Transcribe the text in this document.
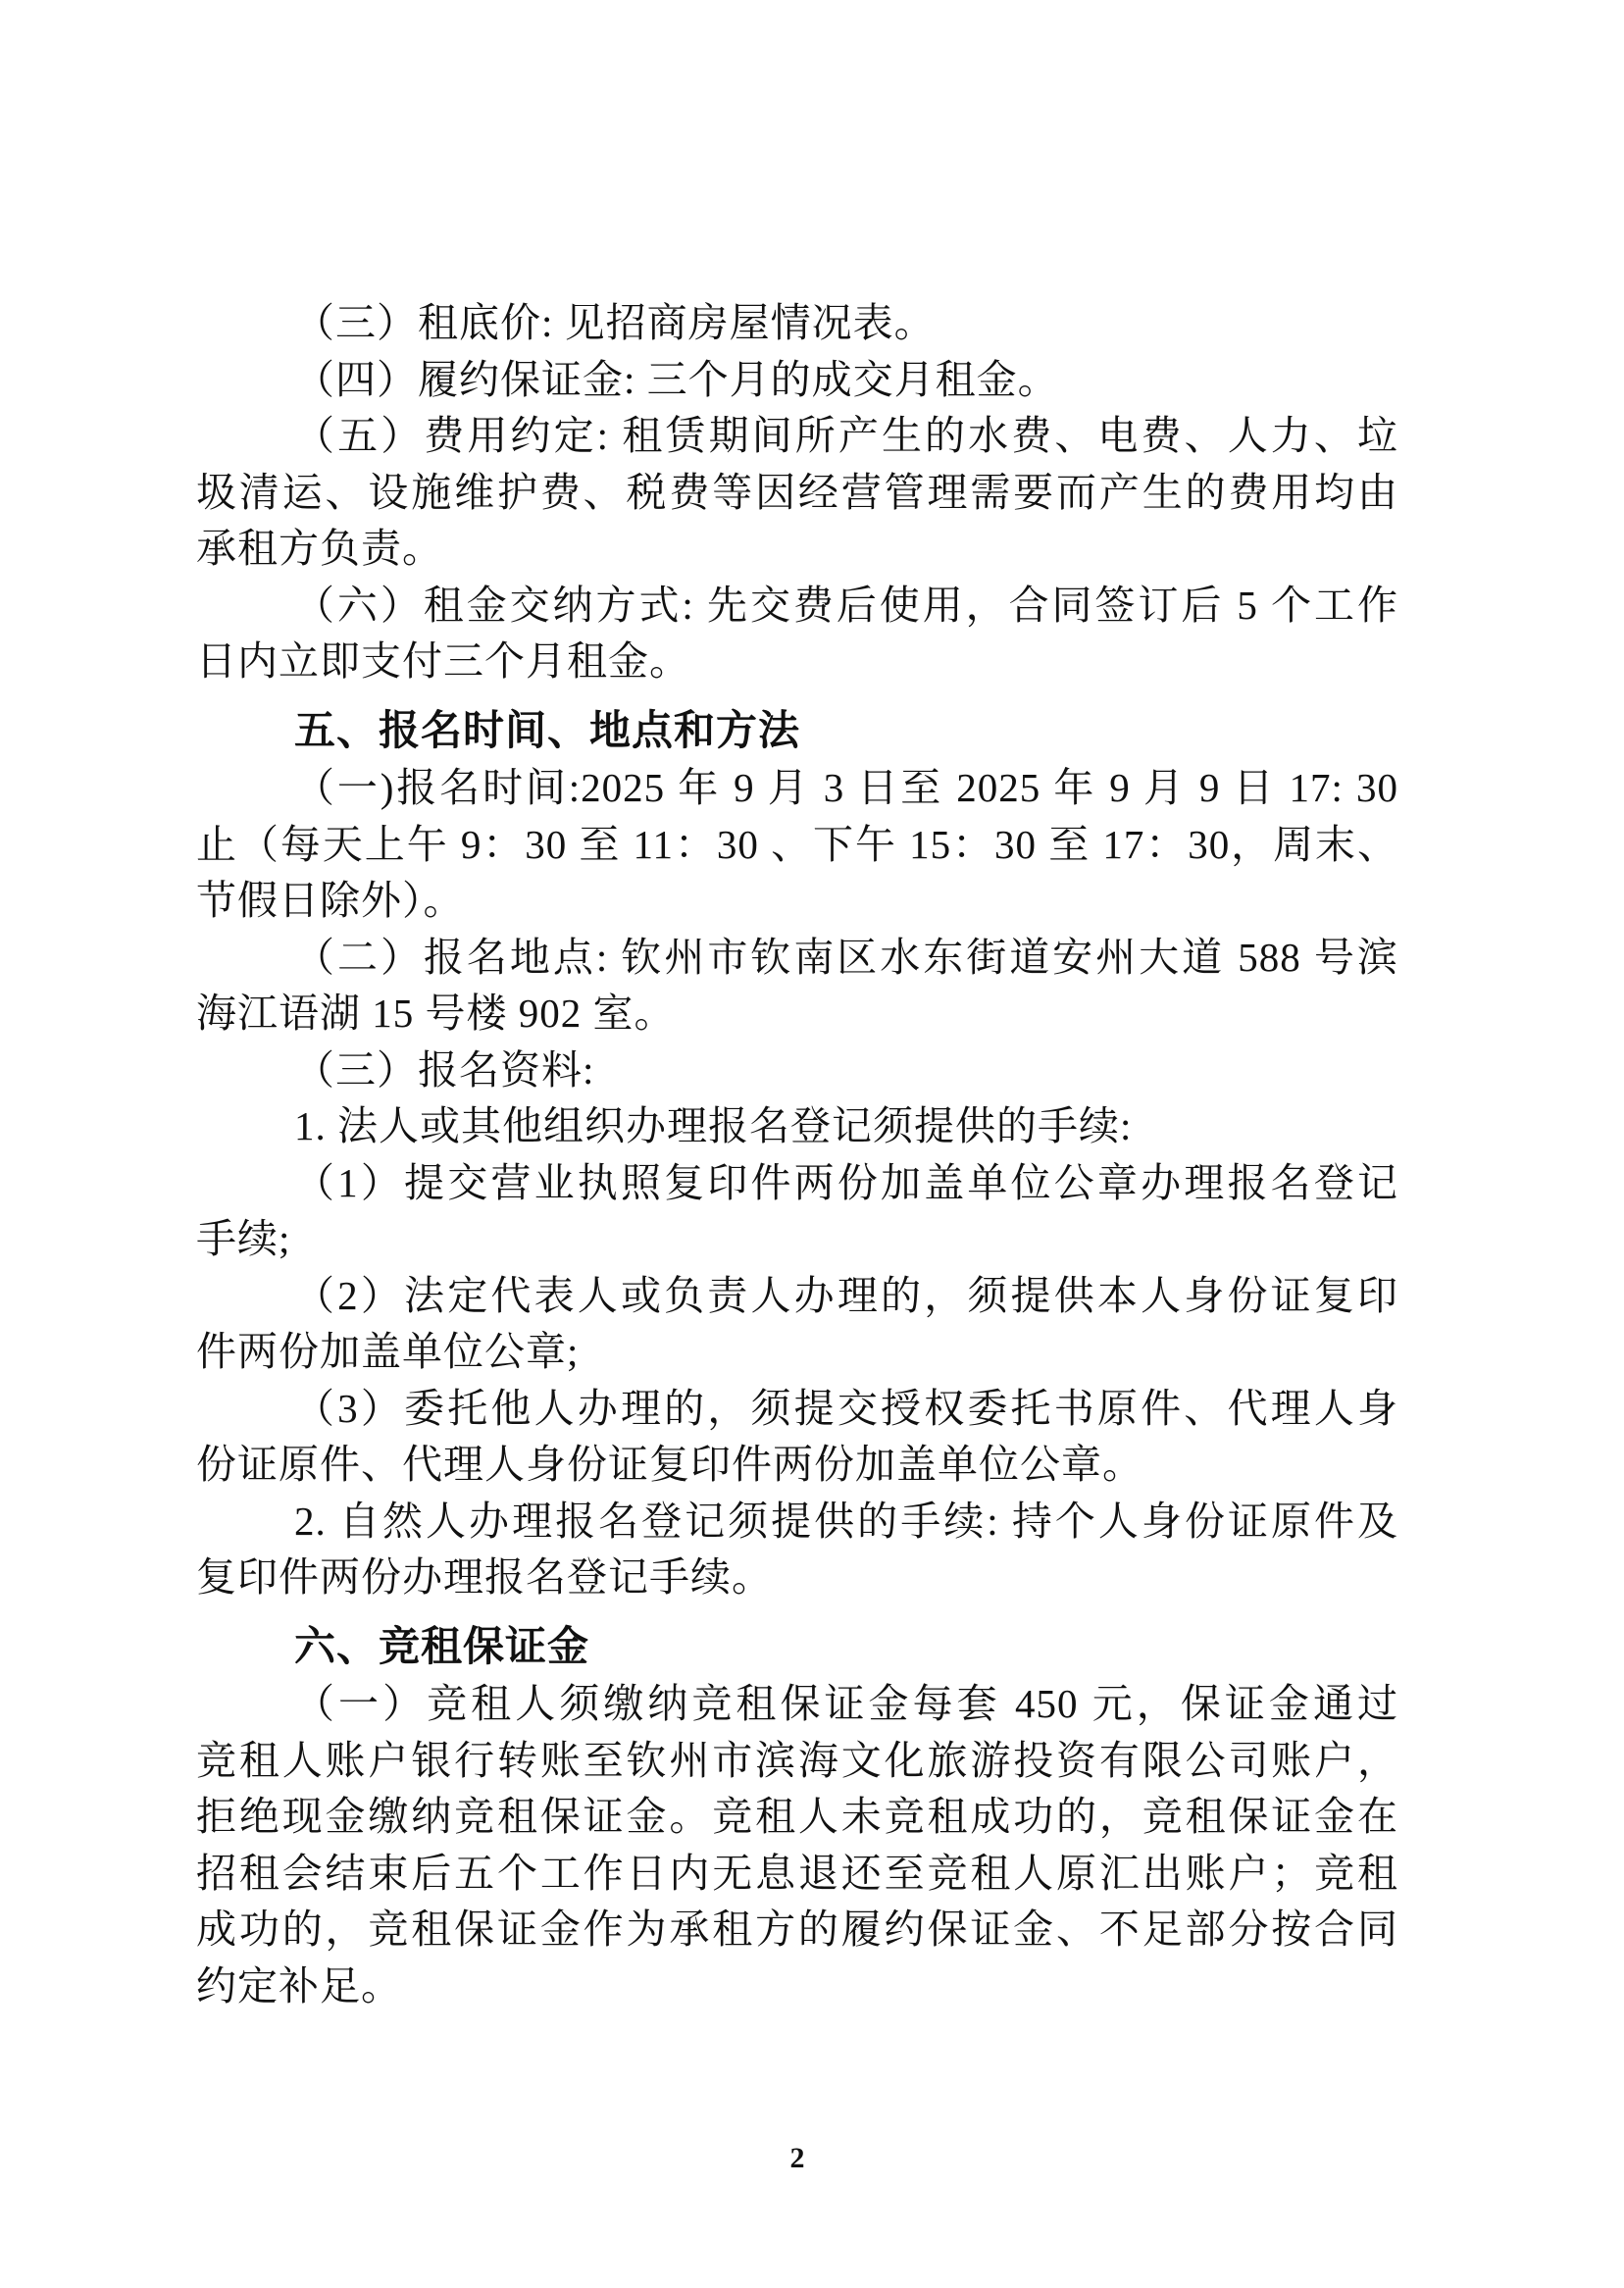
（三）租底价: 见招商房屋情况表。
（四）履约保证金: 三个月的成交月租金。
（五）费用约定: 租赁期间所产生的水费、电费、人力、垃
圾清运、设施维护费、税费等因经营管理需要而产生的费用均由
承租方负责。
（六）租金交纳方式: 先交费后使用，合同签订后 5 个工作
日内立即支付三个月租金。
五、报名时间、地点和方法
（一)报名时间:2025 年 9 月 3 日至 2025 年 9 月 9 日 17: 30
止（每天上午 9：30 至 11：30 、下午 15：30 至 17：30，周末、
节假日除外）。
（二）报名地点: 钦州市钦南区水东街道安州大道 588 号滨
海江语湖 15 号楼 902 室。
（三）报名资料:
1. 法人或其他组织办理报名登记须提供的手续:
（1）提交营业执照复印件两份加盖单位公章办理报名登记
手续;
（2）法定代表人或负责人办理的，须提供本人身份证复印
件两份加盖单位公章;
（3）委托他人办理的，须提交授权委托书原件、代理人身
份证原件、代理人身份证复印件两份加盖单位公章。
2. 自然人办理报名登记须提供的手续: 持个人身份证原件及
复印件两份办理报名登记手续。
六、竞租保证金
（一）竞租人须缴纳竞租保证金每套 450 元，保证金通过
竞租人账户银行转账至钦州市滨海文化旅游投资有限公司账户，
拒绝现金缴纳竞租保证金。竞租人未竞租成功的，竞租保证金在
招租会结束后五个工作日内无息退还至竞租人原汇出账户；竞租
成功的，竞租保证金作为承租方的履约保证金、不足部分按合同
约定补足。
2
